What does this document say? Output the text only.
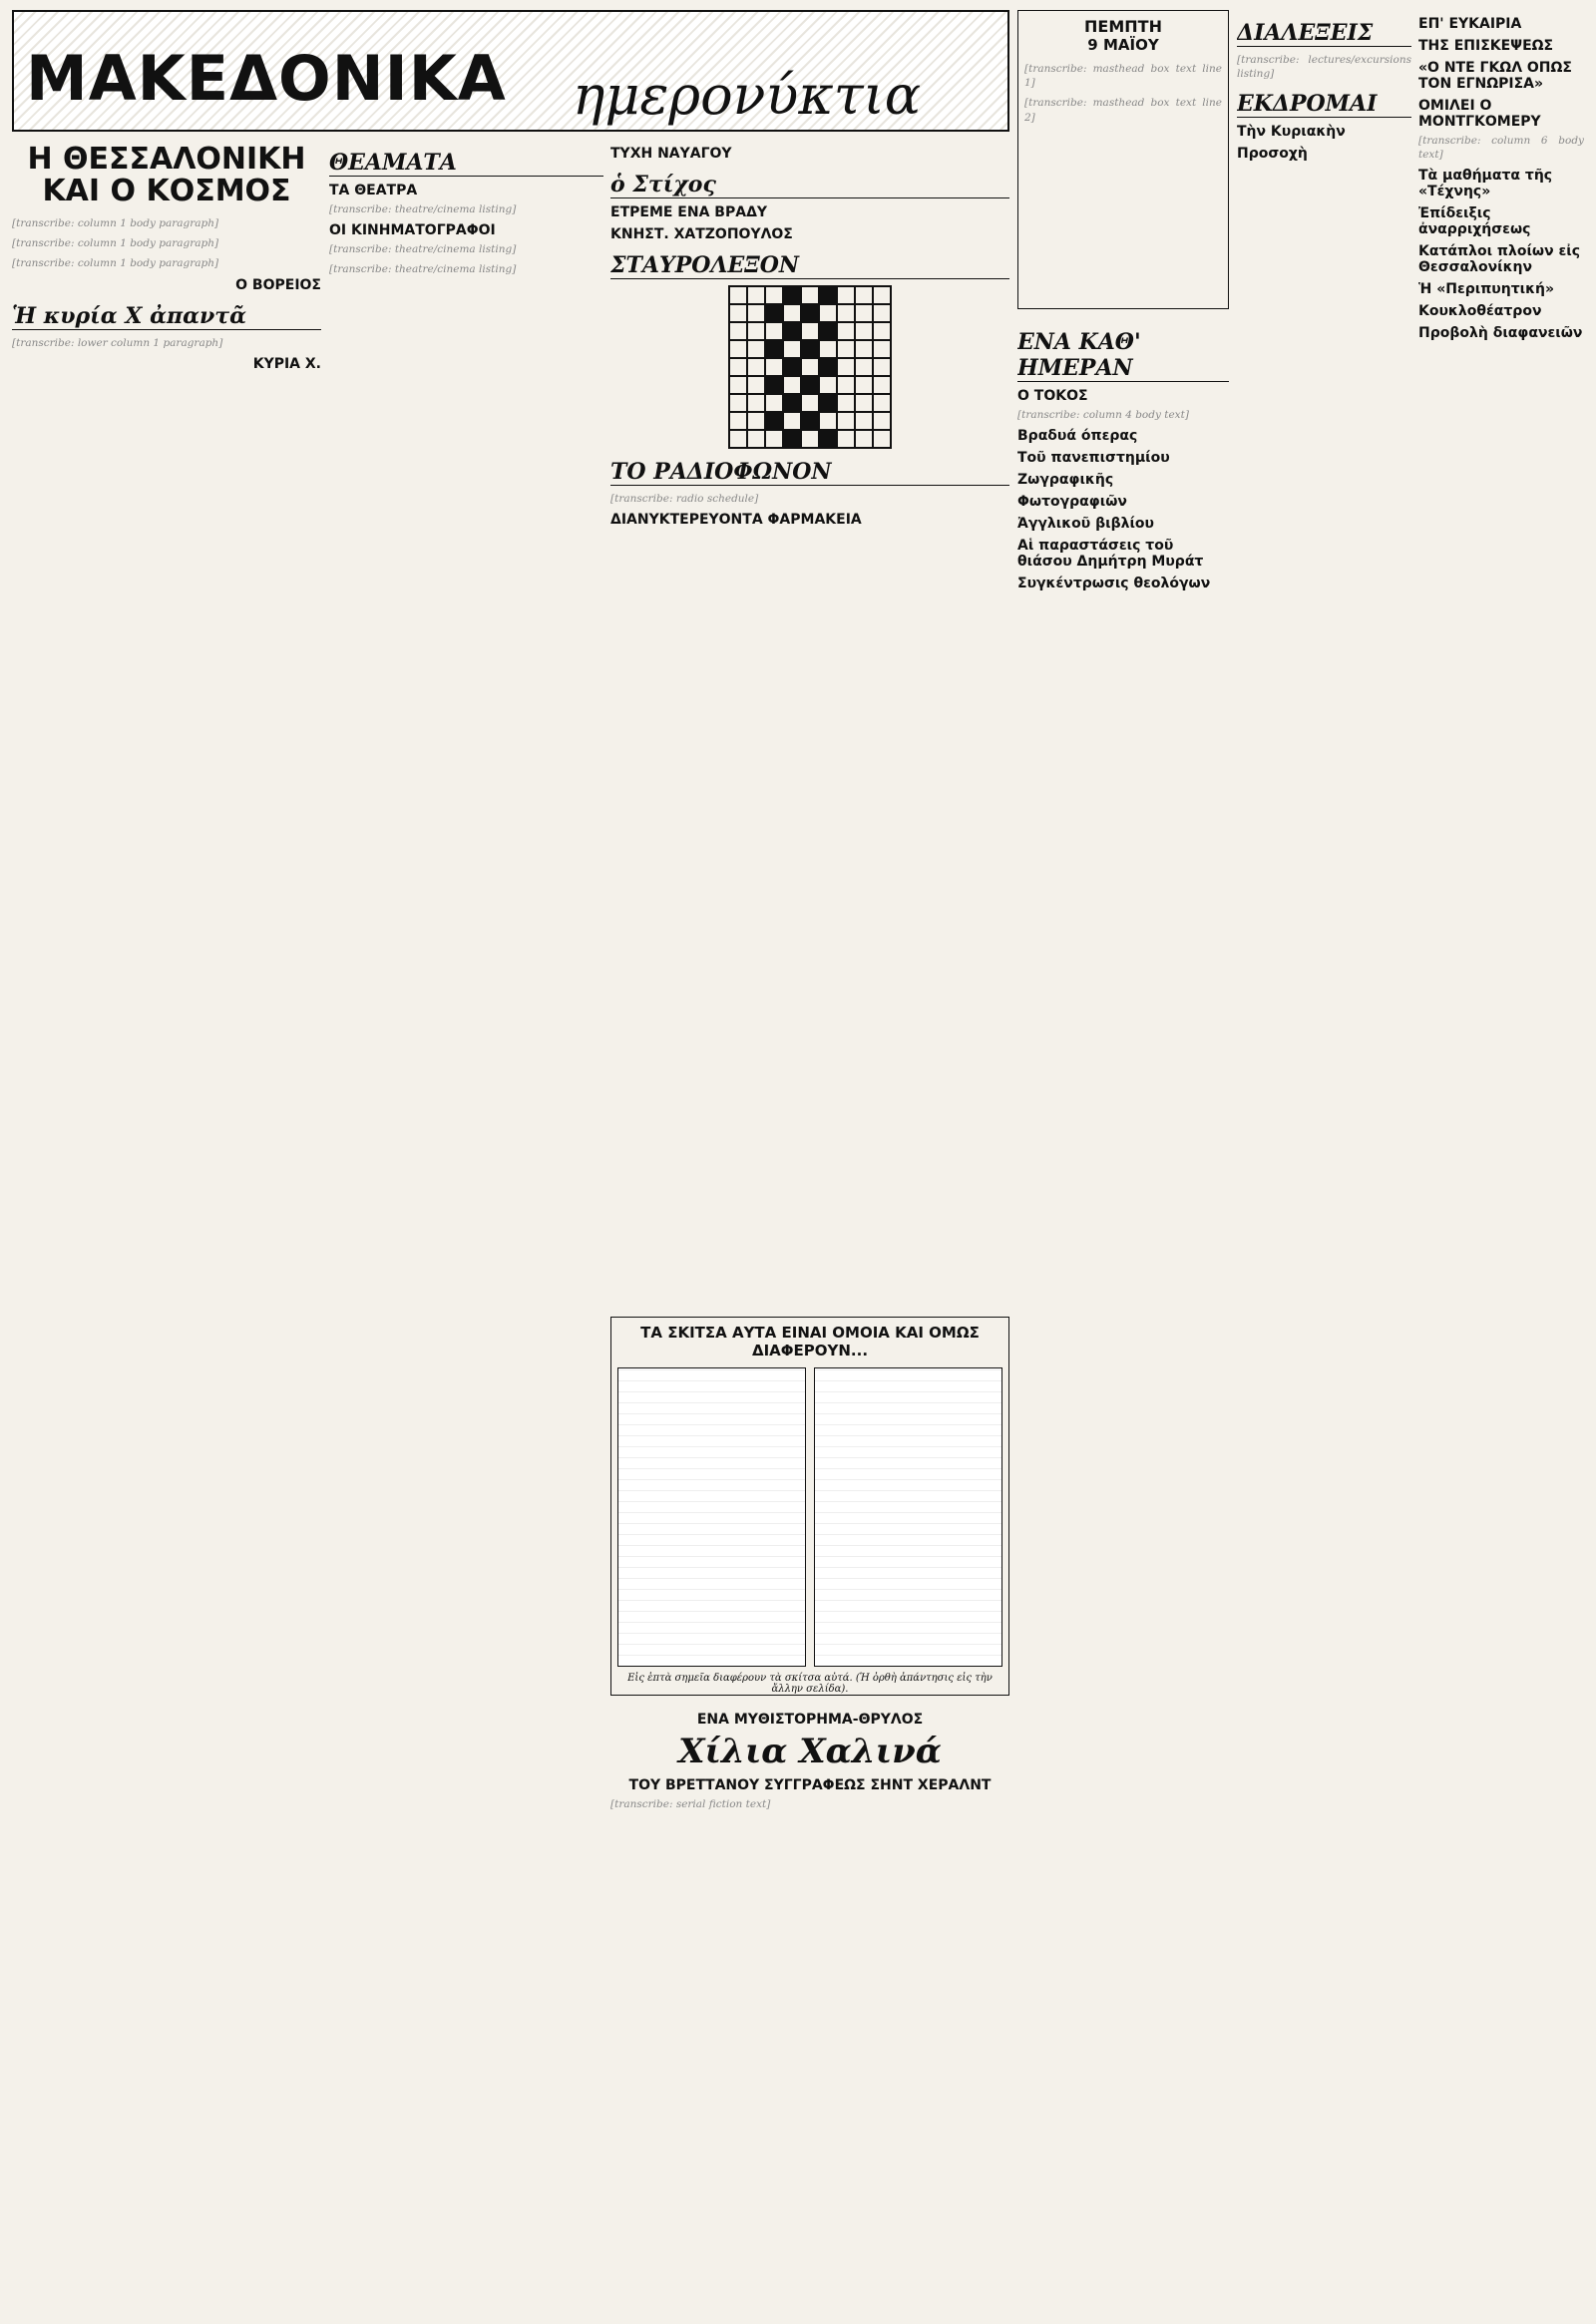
ΜΑΚΕΔΟΝΙΚΑ ημερονύκτια
ΠΕΜΠΤΗ
9 ΜΑΪΟΥ

[transcribe: masthead box text line 1]

[transcribe: masthead box text line 2]

Η ΘΕΣΣΑΛΟΝΙΚΗ ΚΑΙ Ο ΚΟΣΜΟΣ

[transcribe: column 1 body paragraph]

[transcribe: column 1 body paragraph]

[transcribe: column 1 body paragraph]

Ο ΒΟΡΕΙΟΣ
Ἡ κυρία Χ ἀπαντᾶ

[transcribe: lower column 1 paragraph]

ΚΥΡΙΑ Χ.
ΘΕΑΜΑΤΑ
ΤΑ ΘΕΑΤΡΑ

[transcribe: theatre/cinema listing]

ΟΙ ΚΙΝΗΜΑΤΟΓΡΑΦΟΙ

[transcribe: theatre/cinema listing]

[transcribe: theatre/cinema listing]

ΤΥΧΗ ΝΑΥΑΓΟΥ
ὁ Στίχος
ΕΤΡΕΜΕ ΕΝΑ ΒΡΑΔΥ
ΚΝΗΣΤ. ΧΑΤΖΟΠΟΥΛΟΣ
ΣΤΑΥΡΟΛΕΞΟΝ
ΤΟ ΡΑΔΙΟΦΩΝΟΝ

[transcribe: radio schedule]

ΔΙΑΝΥΚΤΕΡΕΥΟΝΤΑ ΦΑΡΜΑΚΕΙΑ
ΕΝΑ ΚΑΘ' ΗΜΕΡΑΝ
Ο ΤΟΚΟΣ

[transcribe: column 4 body text]

Βραδυά όπερας
Τοῦ πανεπιστημίου
Ζωγραφικῆς
Φωτογραφιῶν
Ἀγγλικοῦ βιβλίου
Αἱ παραστάσεις τοῦ θιάσου Δημήτρη Μυράτ
Συγκέντρωσις θεολόγων
ΔΙΑΛΕΞΕΙΣ

[transcribe: lectures/excursions listing]

ΕΚΔΡΟΜΑΙ
Τὴν Κυριακὴν
Προσοχὴ
ΕΠ' ΕΥΚΑΙΡΙΑ
ΤΗΣ ΕΠΙΣΚΕΨΕΩΣ
«Ο ΝΤΕ ΓΚΩΛ ΟΠΩΣ ΤΟΝ ΕΓΝΩΡΙΣΑ»
ΟΜΙΛΕΙ Ο ΜΟΝΤΓΚΟΜΕΡΥ

[transcribe: column 6 body text]

Τὰ μαθήματα τῆς «Τέχνης»
Ἐπίδειξις ἀναρριχήσεως
Κατάπλοι πλοίων εἰς Θεσσαλονίκην
Ἡ «Περιπυητική»
Κουκλοθέατρον
Προβολὴ διαφανειῶν
ΤΑ ΣΚΙΤΣΑ ΑΥΤΑ ΕΙΝΑΙ ΟΜΟΙΑ ΚΑΙ ΟΜΩΣ ΔΙΑΦΕΡΟΥΝ...
Εἰς ἑπτὰ σημεῖα διαφέρουν τὰ σκίτσα αὐτά. (Ἡ ὀρθὴ ἀπάντησις εἰς τὴν ἄλλην σελίδα).
ΕΝΑ ΜΥΘΙΣΤΟΡΗΜΑ-ΘΡΥΛΟΣ
Χίλια Χαλινά
ΤΟΥ ΒΡΕΤΤΑΝΟΥ ΣΥΓΓΡΑΦΕΩΣ ΣΗΝΤ ΧΕΡΑΛΝΤ

[transcribe: serial fiction text]
